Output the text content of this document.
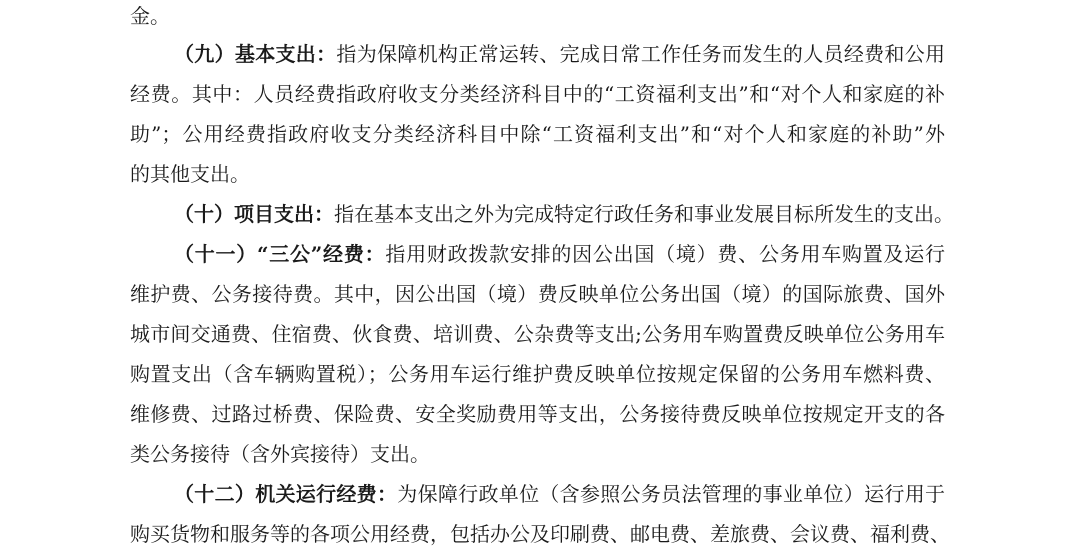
金。
（九）基本支出：指为保障机构正常运转、完成日常工作任务而发生的人员经费和公用
经费。其中：人员经费指政府收支分类经济科目中的“工资福利支出”和“对个人和家庭的补
助”；公用经费指政府收支分类经济科目中除“工资福利支出”和“对个人和家庭的补助”外
的其他支出。
（十）项目支出：指在基本支出之外为完成特定行政任务和事业发展目标所发生的支出。
（十一）“三公”经费：指用财政拨款安排的因公出国（境）费、公务用车购置及运行
维护费、公务接待费。其中，因公出国（境）费反映单位公务出国（境）的国际旅费、国外
城市间交通费、住宿费、伙食费、培训费、公杂费等支出;公务用车购置费反映单位公务用车
购置支出（含车辆购置税）；公务用车运行维护费反映单位按规定保留的公务用车燃料费、
维修费、过路过桥费、保险费、安全奖励费用等支出，公务接待费反映单位按规定开支的各
类公务接待（含外宾接待）支出。
（十二）机关运行经费：为保障行政单位（含参照公务员法管理的事业单位）运行用于
购买货物和服务等的各项公用经费，包括办公及印刷费、邮电费、差旅费、会议费、福利费、
